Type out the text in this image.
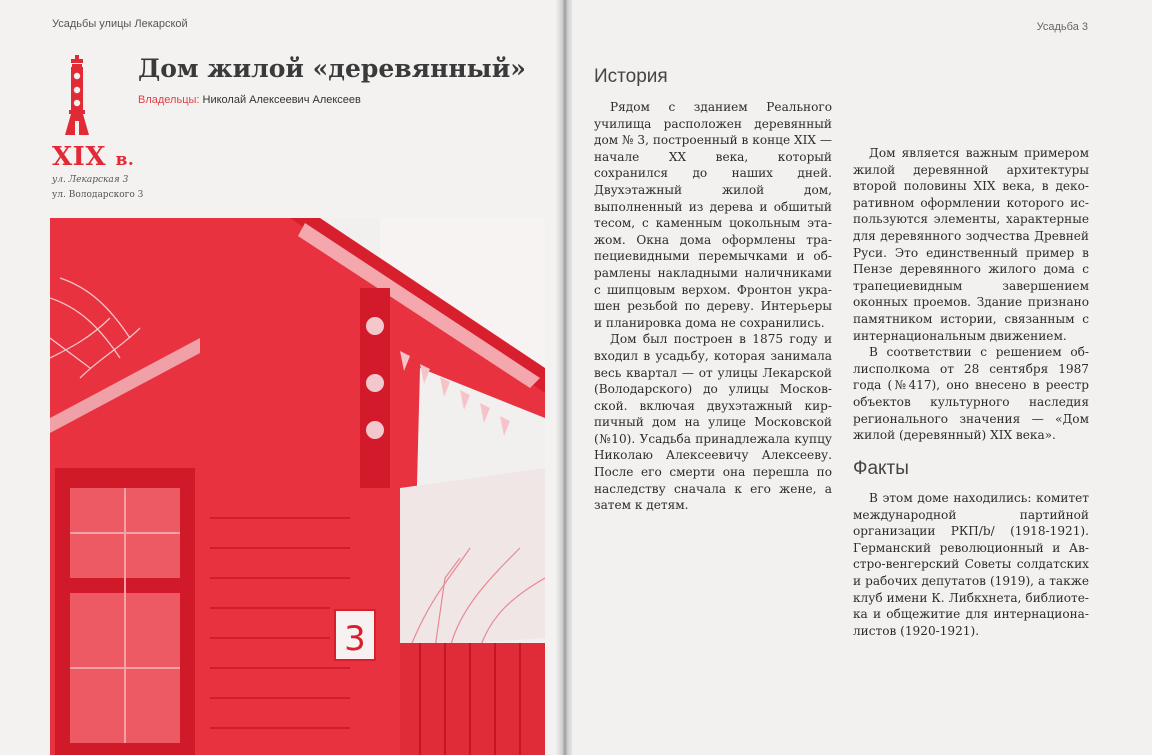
Усадьбы улицы Лекарской
XIX в.
ул. Лекарская 3
ул. Володарского 3
Дом жилой «деревянный»
Владельцы: Николай Алексеевич Алексеев
3
Усадьба 3
История

Рядом с зданием Реального училища расположен деревянный дом № 3, построенный в конце XIX — начале XX века, который сохранился до наших дней. Двухэтажный жилой дом, выполненный из дерева и обшитый тесом, с каменным цокольным этажом. Окна дома оформлены трапециевидными перемычками и обрамлены накладными наличниками с шипцовым верхом. Фронтон украшен резьбой по дереву. Интерьеры и планировка дома не сохранились.

Дом был построен в 1875 году и входил в усадьбу, которая занимала весь квартал — от улицы Лекарской (Володарского) до улицы Московской. включая двухэтажный кирпичный дом на улице Московской (№10). Усадьба принадлежала купцу Николаю Алексеевичу Алексееву. После его смерти она перешла по наследству сначала к его жене, а затем к детям.

Дом является важным примером жилой деревянной архитектуры второй половины XIX века, в декоративном оформлении которого используются элементы, характерные для деревянного зодчества Древней Руси. Это единственный пример в Пензе деревянного жилого дома с трапециевидным завершением оконных проемов. Здание признано памятником истории, связанным с интернациональным движением.

В соответствии с решением облисполкома от 28 сентября 1987 года (№417), оно внесено в реестр объектов культурного наследия регионального значения — «Дом жилой (деревянный) XIX века».

Факты

В этом доме находились: комитет международной партийной организации РКП/b/ (1918-1921). Германский революционный и Австро-венгерский Советы солдатских и рабочих депутатов (1919), а также клуб имени К. Либкхнета, библиотека и общежитие для интернационалистов (1920-1921).
